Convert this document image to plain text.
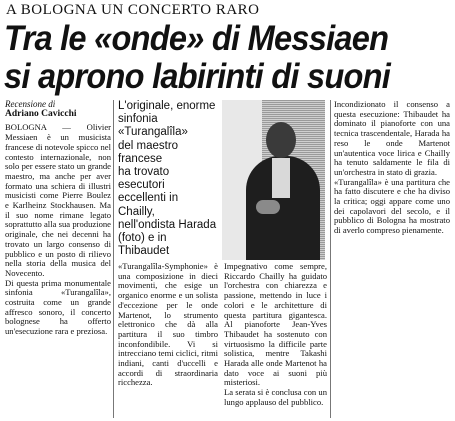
A BOLOGNA UN CONCERTO RARO
Tra le «onde» di Messiaen
si aprono labirinti di suoni
Recensione di
Adriano Cavicchi

BOLOGNA — Olivier Messiaen è un musicista francese di notevole spicco nel contesto internazionale, non solo per essere stato un grande maestro, ma anche per aver formato una schiera di illustri musicisti come Pierre Boulez e Karlheinz Stockhausen. Ma il suo nome rimane legato soprattutto alla sua produzione originale, che nei decenni ha trovato un largo consenso di pubblico e un posto di rilievo nella storia della musica del Novecento.

Di questa prima monumentale sinfonia «Turangalîla», costruita come un grande affresco sonoro, il concerto bolognese ha offerto un'esecuzione rara e preziosa.

L'originale, enorme
sinfonia «Turangalîla»
del maestro francese
ha trovato esecutori
eccellenti in Chailly,
nell'ondista Harada
(foto) e in Thibaudet

«Turangalîla-Symphonie» è una composizione in dieci movimenti, che esige un organico enorme e un solista d'eccezione per le onde Martenot, lo strumento elettronico che dà alla partitura il suo timbro inconfondibile. Vi si intrecciano temi ciclici, ritmi indiani, canti d'uccelli e accordi di straordinaria ricchezza.

Impegnativo come sempre, Riccardo Chailly ha guidato l'orchestra con chiarezza e passione, mettendo in luce i colori e le architetture di questa partitura gigantesca. Al pianoforte Jean-Yves Thibaudet ha sostenuto con virtuosismo la difficile parte solistica, mentre Takashi Harada alle onde Martenot ha dato voce ai suoni più misteriosi.

La serata si è conclusa con un lungo applauso del pubblico.

Incondizionato il consenso a questa esecuzione: Thibaudet ha dominato il pianoforte con una tecnica trascendentale, Harada ha reso le onde Martenot un'autentica voce lirica e Chailly ha tenuto saldamente le fila di un'orchestra in stato di grazia.

«Turangalîla» è una partitura che ha fatto discutere e che ha diviso la critica; oggi appare come uno dei capolavori del secolo, e il pubblico di Bologna ha mostrato di averlo compreso pienamente.
